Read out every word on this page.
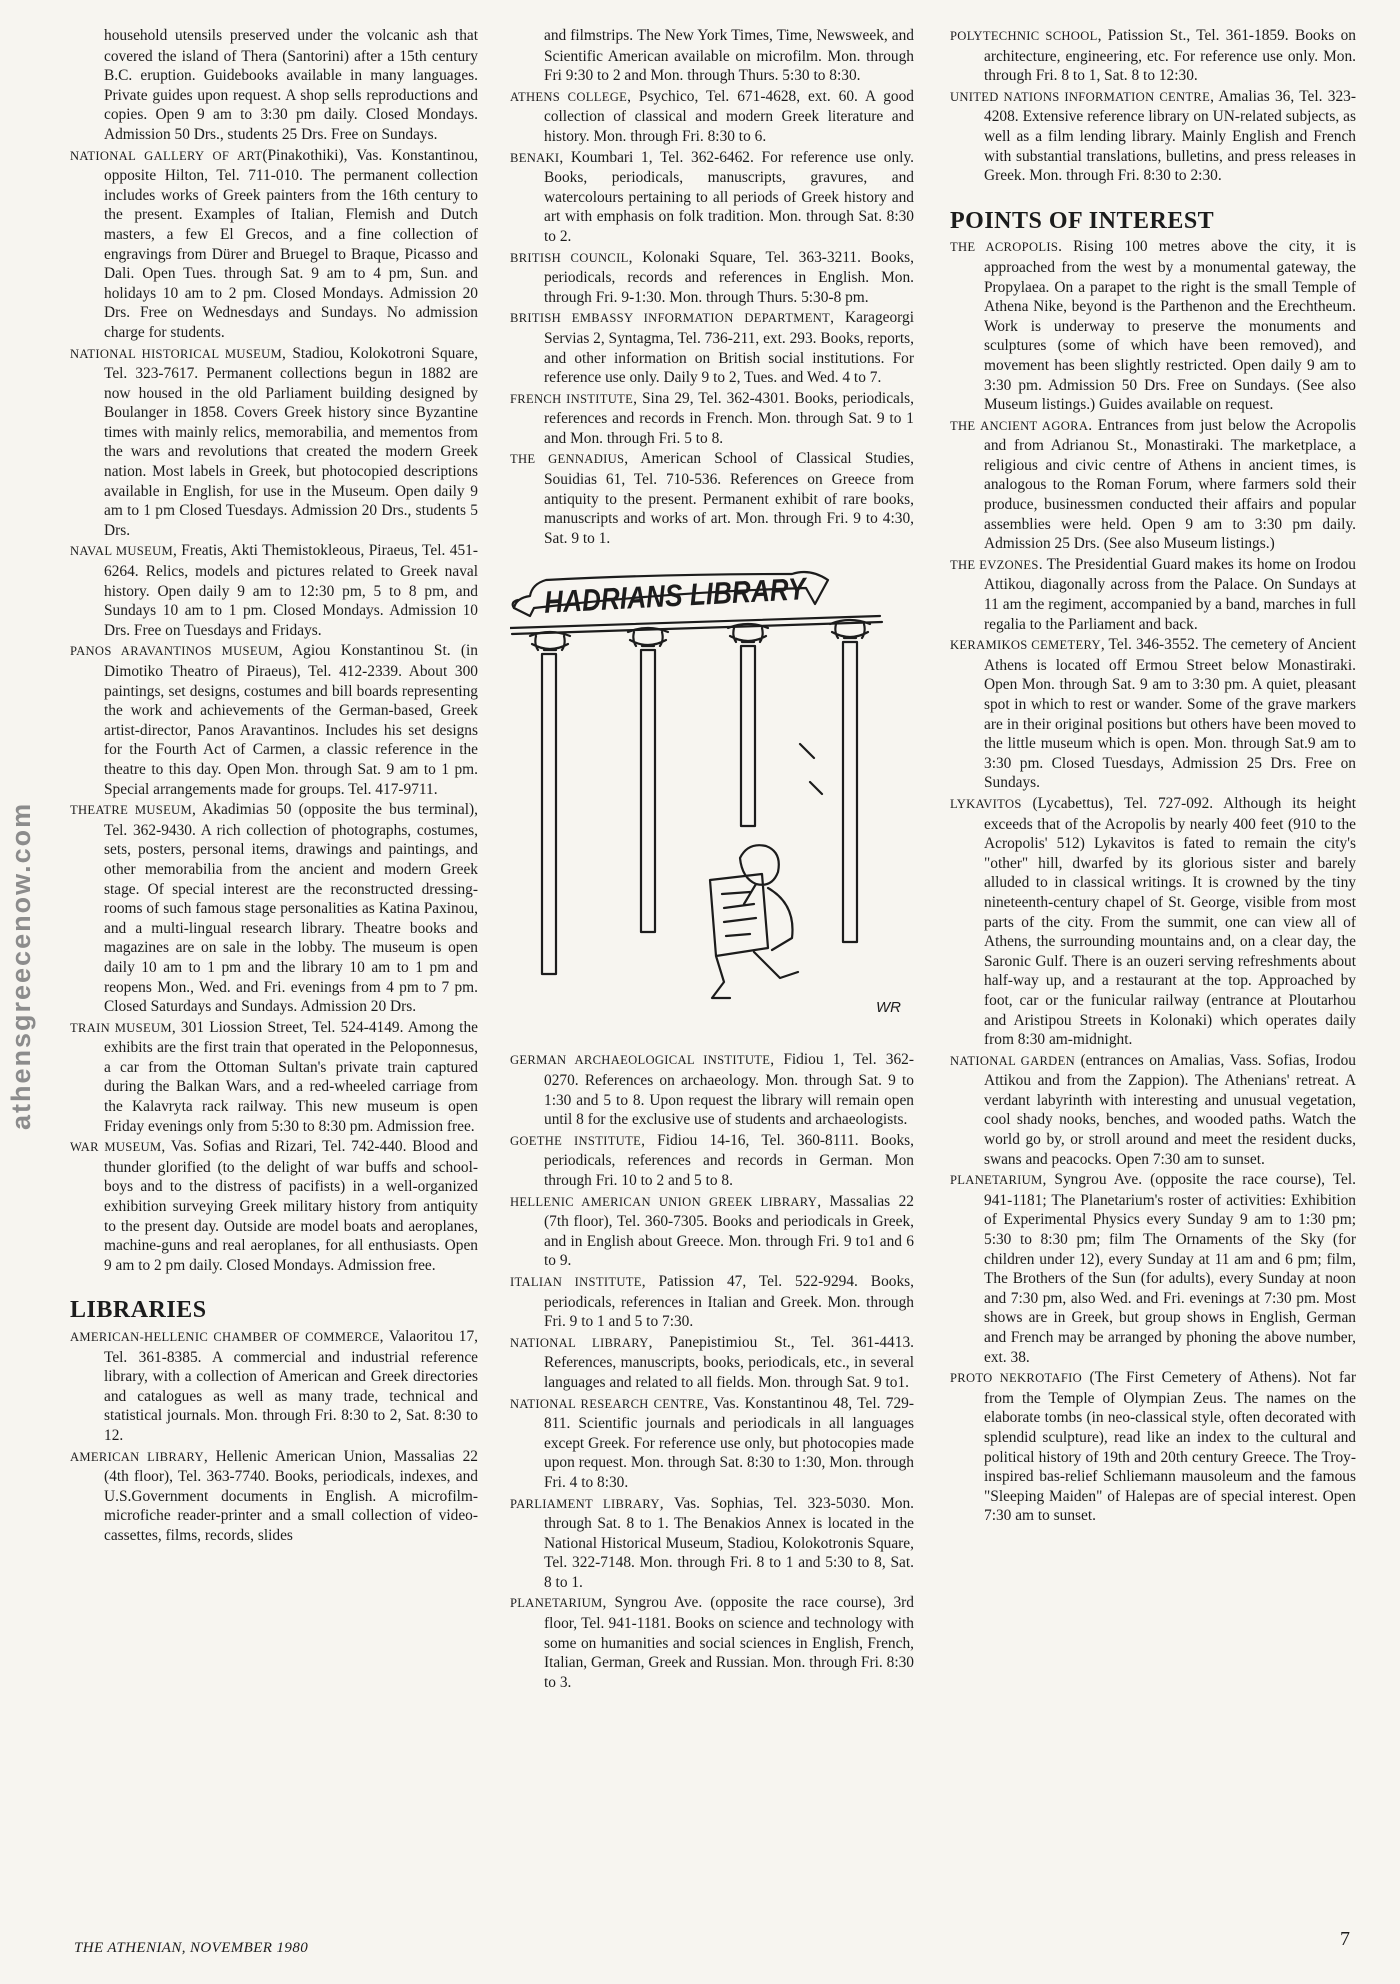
athensgreecenow.com

household utensils preserved under the volcanic ash that covered the island of Thera (Santorini) after a 15th century B.C. eruption. Guidebooks available in many languages. Private guides upon request. A shop sells reproductions and copies. Open 9 am to 3:30 pm daily. Closed Mondays. Admission 50 Drs., students 25 Drs. Free on Sundays.

NATIONAL GALLERY OF ART(Pinakothiki), Vas. Konstantinou, opposite Hilton, Tel. 711-010. The permanent collection includes works of Greek painters from the 16th century to the present. Examples of Italian, Flemish and Dutch masters, a few El Grecos, and a fine collection of engravings from Dürer and Bruegel to Braque, Picasso and Dali. Open Tues. through Sat. 9 am to 4 pm, Sun. and holidays 10 am to 2 pm. Closed Mondays. Admission 20 Drs. Free on Wednesdays and Sundays. No admission charge for students.

NATIONAL HISTORICAL MUSEUM, Stadiou, Kolokotroni Square, Tel. 323-7617. Permanent collections begun in 1882 are now housed in the old Parliament building designed by Boulanger in 1858. Covers Greek history since Byzantine times with mainly relics, memorabilia, and mementos from the wars and revolutions that created the modern Greek nation. Most labels in Greek, but photocopied descriptions available in English, for use in the Museum. Open daily 9 am to 1 pm Closed Tuesdays. Admission 20 Drs., students 5 Drs.

NAVAL MUSEUM, Freatis, Akti Themistokleous, Piraeus, Tel. 451-6264. Relics, models and pictures related to Greek naval history. Open daily 9 am to 12:30 pm, 5 to 8 pm, and Sundays 10 am to 1 pm. Closed Mondays. Admission 10 Drs. Free on Tuesdays and Fridays.

PANOS ARAVANTINOS MUSEUM, Agiou Konstantinou St. (in Dimotiko Theatro of Piraeus), Tel. 412-2339. About 300 paintings, set designs, costumes and bill boards representing the work and achievements of the German-based, Greek artist-director, Panos Aravantinos. Includes his set designs for the Fourth Act of Carmen, a classic reference in the theatre to this day. Open Mon. through Sat. 9 am to 1 pm. Special arrangements made for groups. Tel. 417-9711.

THEATRE MUSEUM, Akadimias 50 (opposite the bus terminal), Tel. 362-9430. A rich collection of photographs, costumes, sets, posters, personal items, drawings and paintings, and other memorabilia from the ancient and modern Greek stage. Of special interest are the reconstructed dressing-rooms of such famous stage personalities as Katina Paxinou, and a multi-lingual research library. Theatre books and magazines are on sale in the lobby. The museum is open daily 10 am to 1 pm and the library 10 am to 1 pm and reopens Mon., Wed. and Fri. evenings from 4 pm to 7 pm. Closed Saturdays and Sundays. Admission 20 Drs.

TRAIN MUSEUM, 301 Liossion Street, Tel. 524-4149. Among the exhibits are the first train that operated in the Peloponnesus, a car from the Ottoman Sultan's private train captured during the Balkan Wars, and a red-wheeled carriage from the Kalavryta rack railway. This new museum is open Friday evenings only from 5:30 to 8:30 pm. Admission free.

WAR MUSEUM, Vas. Sofias and Rizari, Tel. 742-440. Blood and thunder glorified (to the delight of war buffs and school-boys and to the distress of pacifists) in a well-organized exhibition surveying Greek military history from antiquity to the present day. Outside are model boats and aeroplanes, machine-guns and real aeroplanes, for all enthusiasts. Open 9 am to 2 pm daily. Closed Mondays. Admission free.

LIBRARIES

AMERICAN-HELLENIC CHAMBER OF COMMERCE, Valaoritou 17, Tel. 361-8385. A commercial and industrial reference library, with a collection of American and Greek directories and catalogues as well as many trade, technical and statistical journals. Mon. through Fri. 8:30 to 2, Sat. 8:30 to 12.

AMERICAN LIBRARY, Hellenic American Union, Massalias 22 (4th floor), Tel. 363-7740. Books, periodicals, indexes, and U.S.Government documents in English. A microfilm-microfiche reader-printer and a small collection of video-cassettes, films, records, slides

and filmstrips. The New York Times, Time, Newsweek, and Scientific American available on microfilm. Mon. through Fri 9:30 to 2 and Mon. through Thurs. 5:30 to 8:30.

ATHENS COLLEGE, Psychico, Tel. 671-4628, ext. 60. A good collection of classical and modern Greek literature and history. Mon. through Fri. 8:30 to 6.

BENAKI, Koumbari 1, Tel. 362-6462. For reference use only. Books, periodicals, manuscripts, gravures, and watercolours pertaining to all periods of Greek history and art with emphasis on folk tradition. Mon. through Sat. 8:30 to 2.

BRITISH COUNCIL, Kolonaki Square, Tel. 363-3211. Books, periodicals, records and references in English. Mon. through Fri. 9-1:30. Mon. through Thurs. 5:30-8 pm.

BRITISH EMBASSY INFORMATION DEPARTMENT, Karageorgi Servias 2, Syntagma, Tel. 736-211, ext. 293. Books, reports, and other information on British social institutions. For reference use only. Daily 9 to 2, Tues. and Wed. 4 to 7.

FRENCH INSTITUTE, Sina 29, Tel. 362-4301. Books, periodicals, references and records in French. Mon. through Sat. 9 to 1 and Mon. through Fri. 5 to 8.

THE GENNADIUS, American School of Classical Studies, Souidias 61, Tel. 710-536. References on Greece from antiquity to the present. Permanent exhibit of rare books, manuscripts and works of art. Mon. through Fri. 9 to 4:30, Sat. 9 to 1.

HADRIANS LIBRARY
WR

GERMAN ARCHAEOLOGICAL INSTITUTE, Fidiou 1, Tel. 362-0270. References on archaeology. Mon. through Sat. 9 to 1:30 and 5 to 8. Upon request the library will remain open until 8 for the exclusive use of students and archaeologists.

GOETHE INSTITUTE, Fidiou 14-16, Tel. 360-8111. Books, periodicals, references and records in German. Mon through Fri. 10 to 2 and 5 to 8.

HELLENIC AMERICAN UNION GREEK LIBRARY, Massalias 22 (7th floor), Tel. 360-7305. Books and periodicals in Greek, and in English about Greece. Mon. through Fri. 9 to1 and 6 to 9.

ITALIAN INSTITUTE, Patission 47, Tel. 522-9294. Books, periodicals, references in Italian and Greek. Mon. through Fri. 9 to 1 and 5 to 7:30.

NATIONAL LIBRARY, Panepistimiou St., Tel. 361-4413. References, manuscripts, books, periodicals, etc., in several languages and related to all fields. Mon. through Sat. 9 to1.

NATIONAL RESEARCH CENTRE, Vas. Konstantinou 48, Tel. 729-811. Scientific journals and periodicals in all languages except Greek. For reference use only, but photocopies made upon request. Mon. through Sat. 8:30 to 1:30, Mon. through Fri. 4 to 8:30.

PARLIAMENT LIBRARY, Vas. Sophias, Tel. 323-5030. Mon. through Sat. 8 to 1. The Benakios Annex is located in the National Historical Museum, Stadiou, Kolokotronis Square, Tel. 322-7148. Mon. through Fri. 8 to 1 and 5:30 to 8, Sat. 8 to 1.

PLANETARIUM, Syngrou Ave. (opposite the race course), 3rd floor, Tel. 941-1181. Books on science and technology with some on humanities and social sciences in English, French, Italian, German, Greek and Russian. Mon. through Fri. 8:30 to 3.

POLYTECHNIC SCHOOL, Patission St., Tel. 361-1859. Books on architecture, engineering, etc. For reference use only. Mon. through Fri. 8 to 1, Sat. 8 to 12:30.

UNITED NATIONS INFORMATION CENTRE, Amalias 36, Tel. 323-4208. Extensive reference library on UN-related subjects, as well as a film lending library. Mainly English and French with substantial translations, bulletins, and press releases in Greek. Mon. through Fri. 8:30 to 2:30.

POINTS OF INTEREST

THE ACROPOLIS. Rising 100 metres above the city, it is approached from the west by a monumental gateway, the Propylaea. On a parapet to the right is the small Temple of Athena Nike, beyond is the Parthenon and the Erechtheum. Work is underway to preserve the monuments and sculptures (some of which have been removed), and movement has been slightly restricted. Open daily 9 am to 3:30 pm. Admission 50 Drs. Free on Sundays. (See also Museum listings.) Guides available on request.

THE ANCIENT AGORA. Entrances from just below the Acropolis and from Adrianou St., Monastiraki. The marketplace, a religious and civic centre of Athens in ancient times, is analogous to the Roman Forum, where farmers sold their produce, businessmen conducted their affairs and popular assemblies were held. Open 9 am to 3:30 pm daily. Admission 25 Drs. (See also Museum listings.)

THE EVZONES. The Presidential Guard makes its home on Irodou Attikou, diagonally across from the Palace. On Sundays at 11 am the regiment, accompanied by a band, marches in full regalia to the Parliament and back.

KERAMIKOS CEMETERY, Tel. 346-3552. The cemetery of Ancient Athens is located off Ermou Street below Monastiraki. Open Mon. through Sat. 9 am to 3:30 pm. A quiet, pleasant spot in which to rest or wander. Some of the grave markers are in their original positions but others have been moved to the little museum which is open. Mon. through Sat.9 am to 3:30 pm. Closed Tuesdays, Admission 25 Drs. Free on Sundays.

LYKAVITOS (Lycabettus), Tel. 727-092. Although its height exceeds that of the Acropolis by nearly 400 feet (910 to the Acropolis' 512) Lykavitos is fated to remain the city's "other" hill, dwarfed by its glorious sister and barely alluded to in classical writings. It is crowned by the tiny nineteenth-century chapel of St. George, visible from most parts of the city. From the summit, one can view all of Athens, the surrounding mountains and, on a clear day, the Saronic Gulf. There is an ouzeri serving refreshments about half-way up, and a restaurant at the top. Approached by foot, car or the funicular railway (entrance at Ploutarhou and Aristipou Streets in Kolonaki) which operates daily from 8:30 am-midnight.

NATIONAL GARDEN (entrances on Amalias, Vass. Sofias, Irodou Attikou and from the Zappion). The Athenians' retreat. A verdant labyrinth with interesting and unusual vegetation, cool shady nooks, benches, and wooded paths. Watch the world go by, or stroll around and meet the resident ducks, swans and peacocks. Open 7:30 am to sunset.

PLANETARIUM, Syngrou Ave. (opposite the race course), Tel. 941-1181; The Planetarium's roster of activities: Exhibition of Experimental Physics every Sunday 9 am to 1:30 pm; 5:30 to 8:30 pm; film The Ornaments of the Sky (for children under 12), every Sunday at 11 am and 6 pm; film, The Brothers of the Sun (for adults), every Sunday at noon and 7:30 pm, also Wed. and Fri. evenings at 7:30 pm. Most shows are in Greek, but group shows in English, German and French may be arranged by phoning the above number, ext. 38.

PROTO NEKROTAFIO (The First Cemetery of Athens). Not far from the Temple of Olympian Zeus. The names on the elaborate tombs (in neo-classical style, often decorated with splendid sculpture), read like an index to the cultural and political history of 19th and 20th century Greece. The Troy-inspired bas-relief Schliemann mausoleum and the famous "Sleeping Maiden" of Halepas are of special interest. Open 7:30 am to sunset.

THE ATHENIAN, NOVEMBER 1980	7
